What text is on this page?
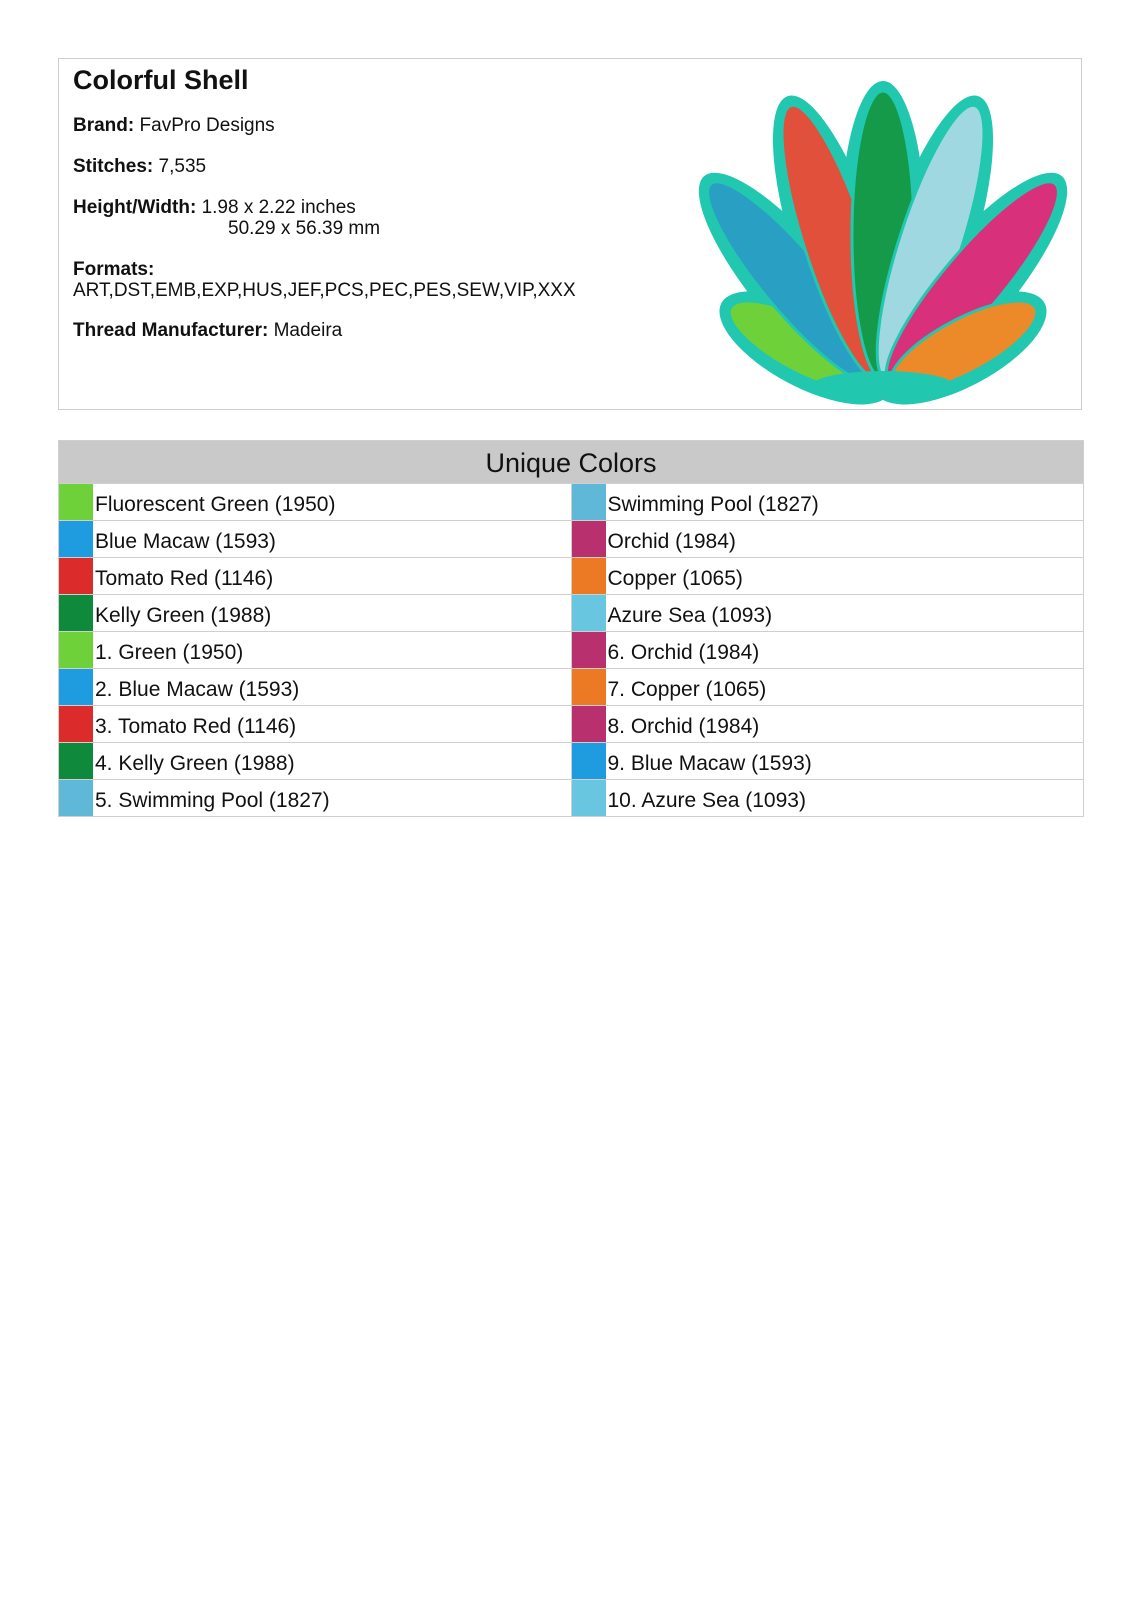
Colorful Shell
Brand: FavPro Designs
Stitches: 7,535
Height/Width: 1.98 x 2.22 inches
50.29 x 56.39 mm
Formats:
ART,DST,EMB,EXP,HUS,JEF,PCS,PEC,PES,SEW,VIP,XXX
Thread Manufacturer: Madeira
Unique Colors
Fluorescent Green (1950)
Blue Macaw (1593)
Tomato Red (1146)
Kelly Green (1988)
1. Green (1950)
2. Blue Macaw (1593)
3. Tomato Red (1146)
4. Kelly Green (1988)
5. Swimming Pool (1827)
Swimming Pool (1827)
Orchid (1984)
Copper (1065)
Azure Sea (1093)
6. Orchid (1984)
7. Copper (1065)
8. Orchid (1984)
9. Blue Macaw (1593)
10. Azure Sea (1093)
